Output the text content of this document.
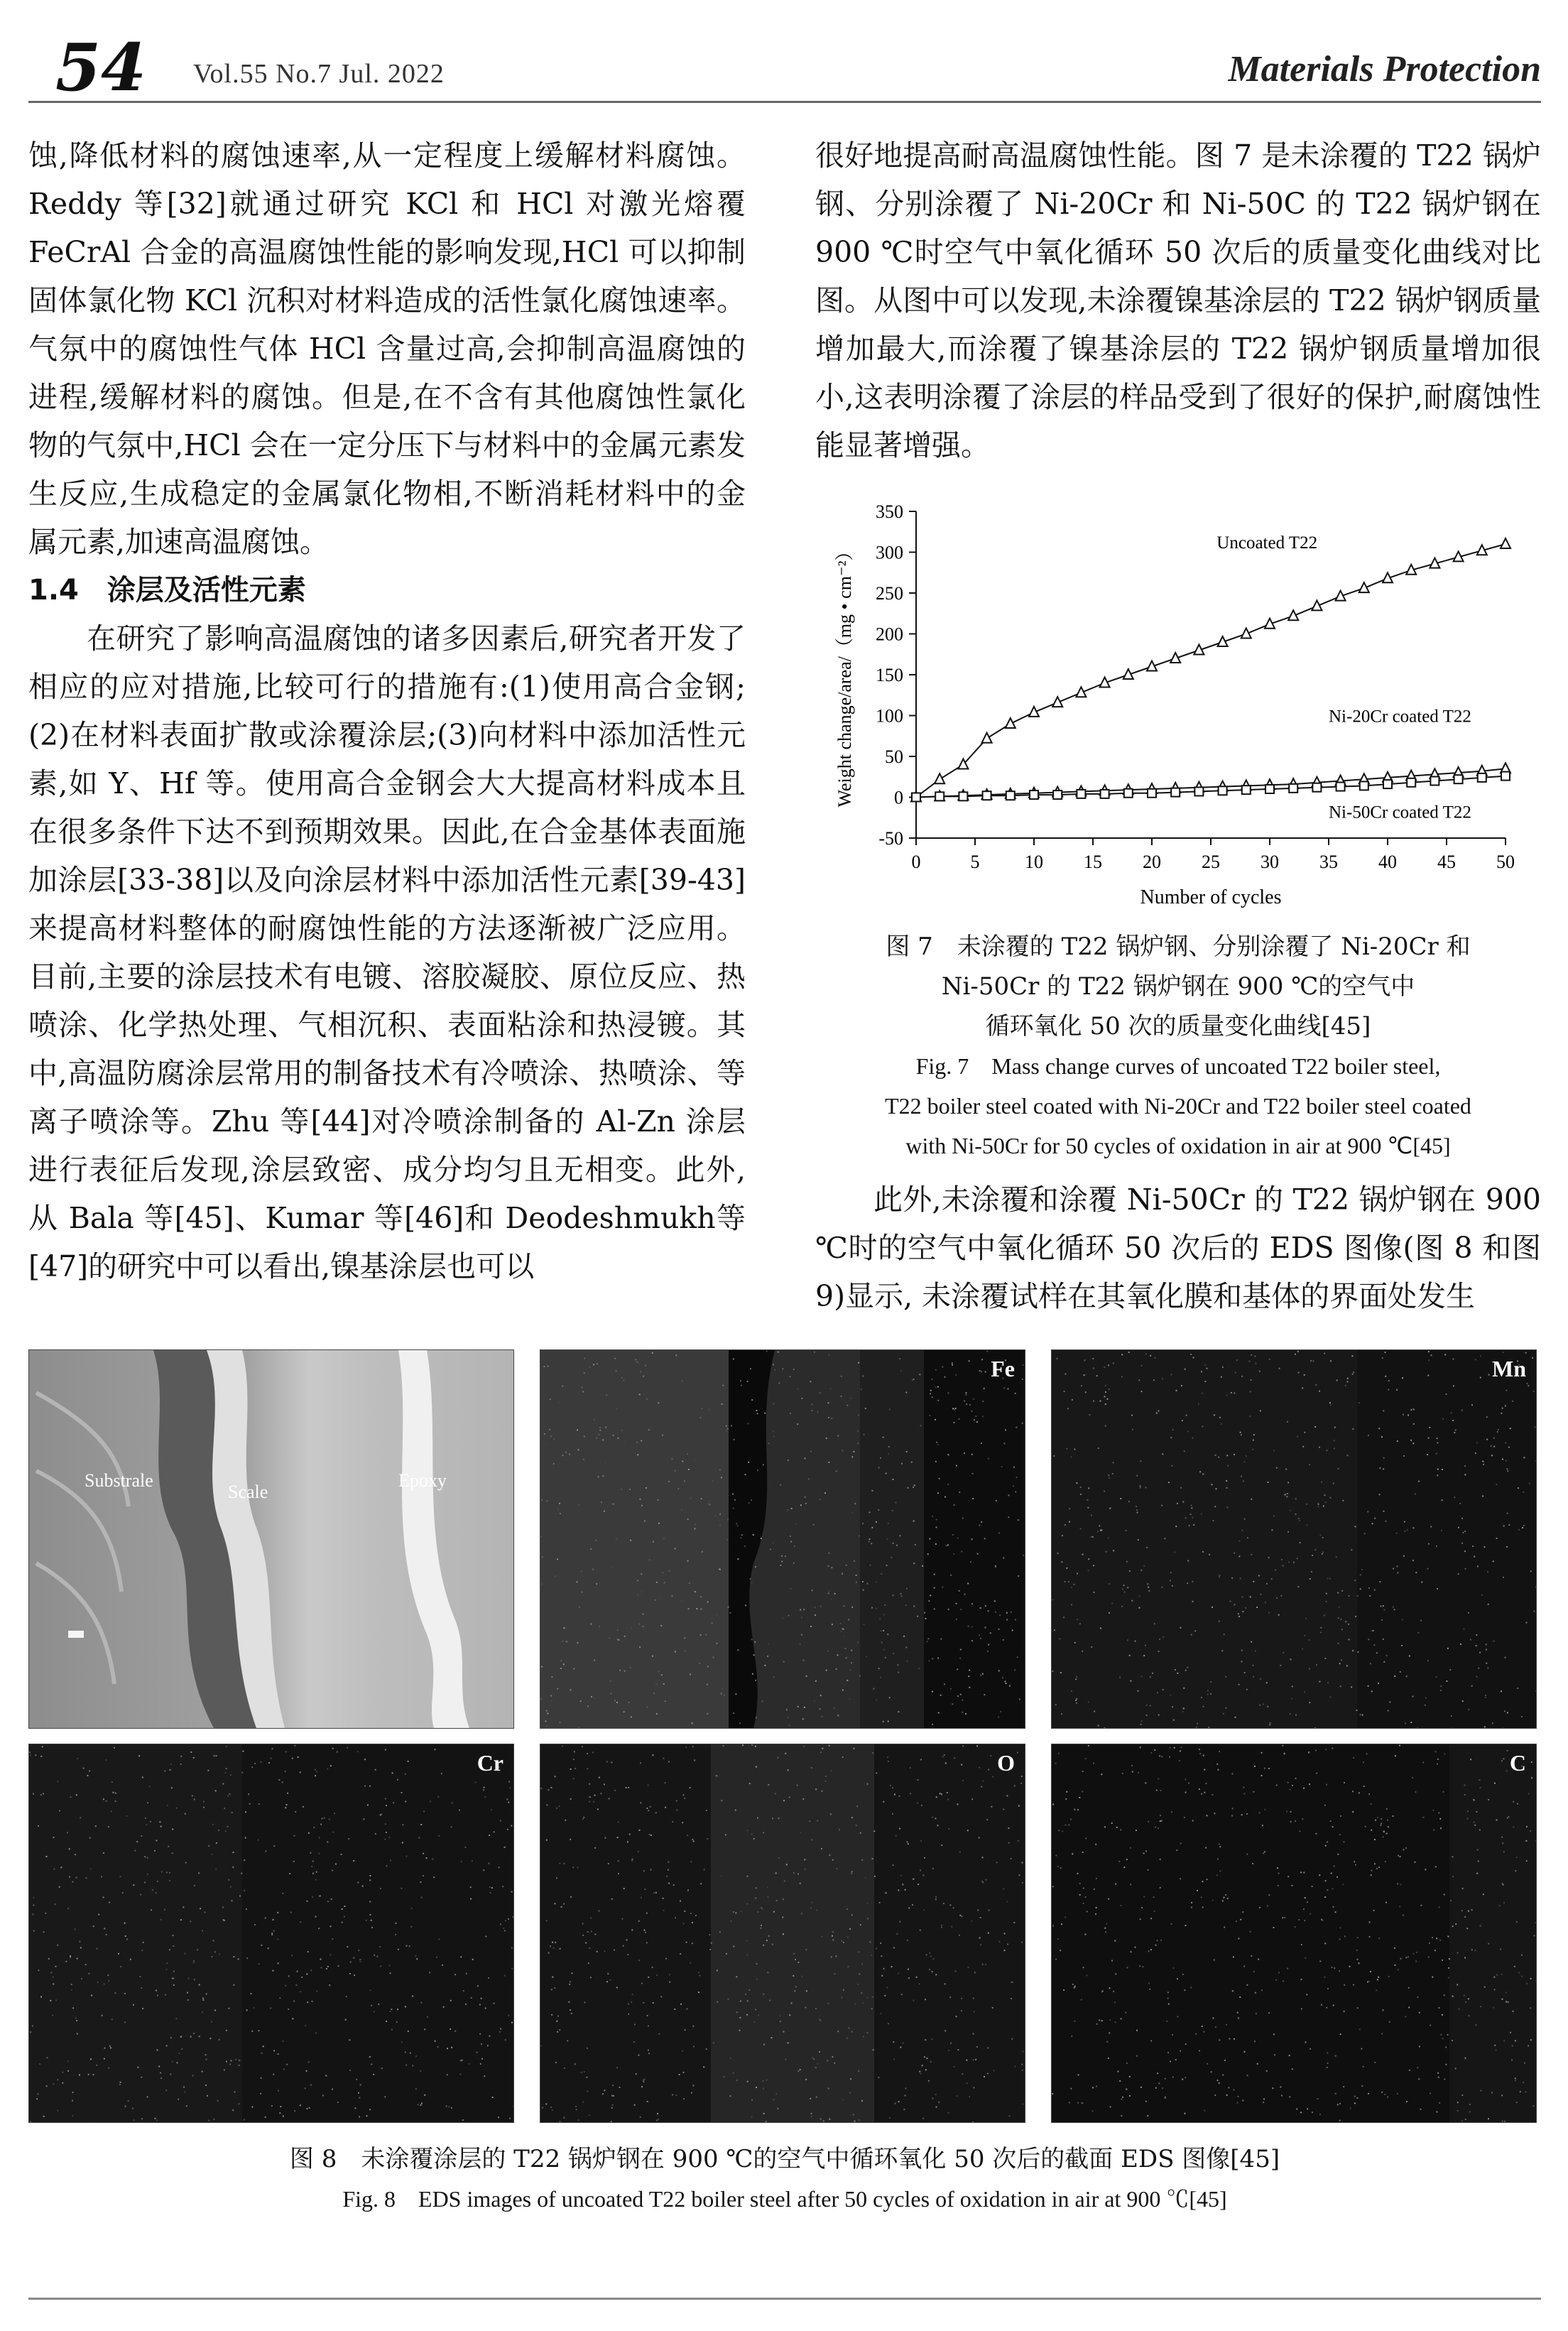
54 Vol.55 No.7 Jul. 2022	Materials Protection

蚀,降低材料的腐蚀速率,从一定程度上缓解材料腐蚀。Reddy 等[32]就通过研究 KCl 和 HCl 对激光熔覆 FeCrAl 合金的高温腐蚀性能的影响发现,HCl 可以抑制固体氯化物 KCl 沉积对材料造成的活性氯化腐蚀速率。气氛中的腐蚀性气体 HCl 含量过高,会抑制高温腐蚀的进程,缓解材料的腐蚀。但是,在不含有其他腐蚀性氯化物的气氛中,HCl 会在一定分压下与材料中的金属元素发生反应,生成稳定的金属氯化物相,不断消耗材料中的金属元素,加速高温腐蚀。

1.4　涂层及活性元素

在研究了影响高温腐蚀的诸多因素后,研究者开发了相应的应对措施,比较可行的措施有:(1)使用高合金钢;(2)在材料表面扩散或涂覆涂层;(3)向材料中添加活性元素,如 Y、Hf 等。使用高合金钢会大大提高材料成本且在很多条件下达不到预期效果。因此,在合金基体表面施加涂层[33-38]以及向涂层材料中添加活性元素[39-43]来提高材料整体的耐腐蚀性能的方法逐渐被广泛应用。目前,主要的涂层技术有电镀、溶胶凝胶、原位反应、热喷涂、化学热处理、气相沉积、表面粘涂和热浸镀。其中,高温防腐涂层常用的制备技术有冷喷涂、热喷涂、等离子喷涂等。Zhu 等[44]对冷喷涂制备的 Al-Zn 涂层进行表征后发现,涂层致密、成分均匀且无相变。此外,从 Bala 等[45]、Kumar 等[46]和 Deodeshmukh等[47]的研究中可以看出,镍基涂层也可以

很好地提高耐高温腐蚀性能。图 7 是未涂覆的 T22 锅炉钢、分别涂覆了 Ni-20Cr 和 Ni-50C 的 T22 锅炉钢在 900 ℃时空气中氧化循环 50 次后的质量变化曲线对比图。从图中可以发现,未涂覆镍基涂层的 T22 锅炉钢质量增加最大,而涂覆了镍基涂层的 T22 锅炉钢质量增加很小,这表明涂覆了涂层的样品受到了很好的保护,耐腐蚀性能显著增强。

-50
0
50
100
150
200
250
300
350
0	5 10 15 20 25 30 35 40 45 50
Number of cycles
Weight change/area/（mg • cm⁻²）	Uncoated T22
Ni-20Cr coated T22
Ni-50Cr coated T22
图 7　未涂覆的 T22 锅炉钢、分别涂覆了 Ni-20Cr 和
Ni-50Cr 的 T22 锅炉钢在 900 ℃的空气中
循环氧化 50 次的质量变化曲线[45]
Fig. 7　Mass change curves of uncoated T22 boiler steel,
T22 boiler steel coated with Ni-20Cr and T22 boiler steel coated
with Ni-50Cr for 50 cycles of oxidation in air at 900 ℃[45]

此外,未涂覆和涂覆 Ni-50Cr 的 T22 锅炉钢在 900 ℃时的空气中氧化循环 50 次后的 EDS 图像(图 8 和图 9)显示, 未涂覆试样在其氧化膜和基体的界面处发生

Substrale
Scale
Epoxy
Fe	Mn
Cr	O	C
图 8　未涂覆涂层的 T22 锅炉钢在 900 ℃的空气中循环氧化 50 次后的截面 EDS 图像[45]
Fig. 8　EDS images of uncoated T22 boiler steel after 50 cycles of oxidation in air at 900 ℃[45]
